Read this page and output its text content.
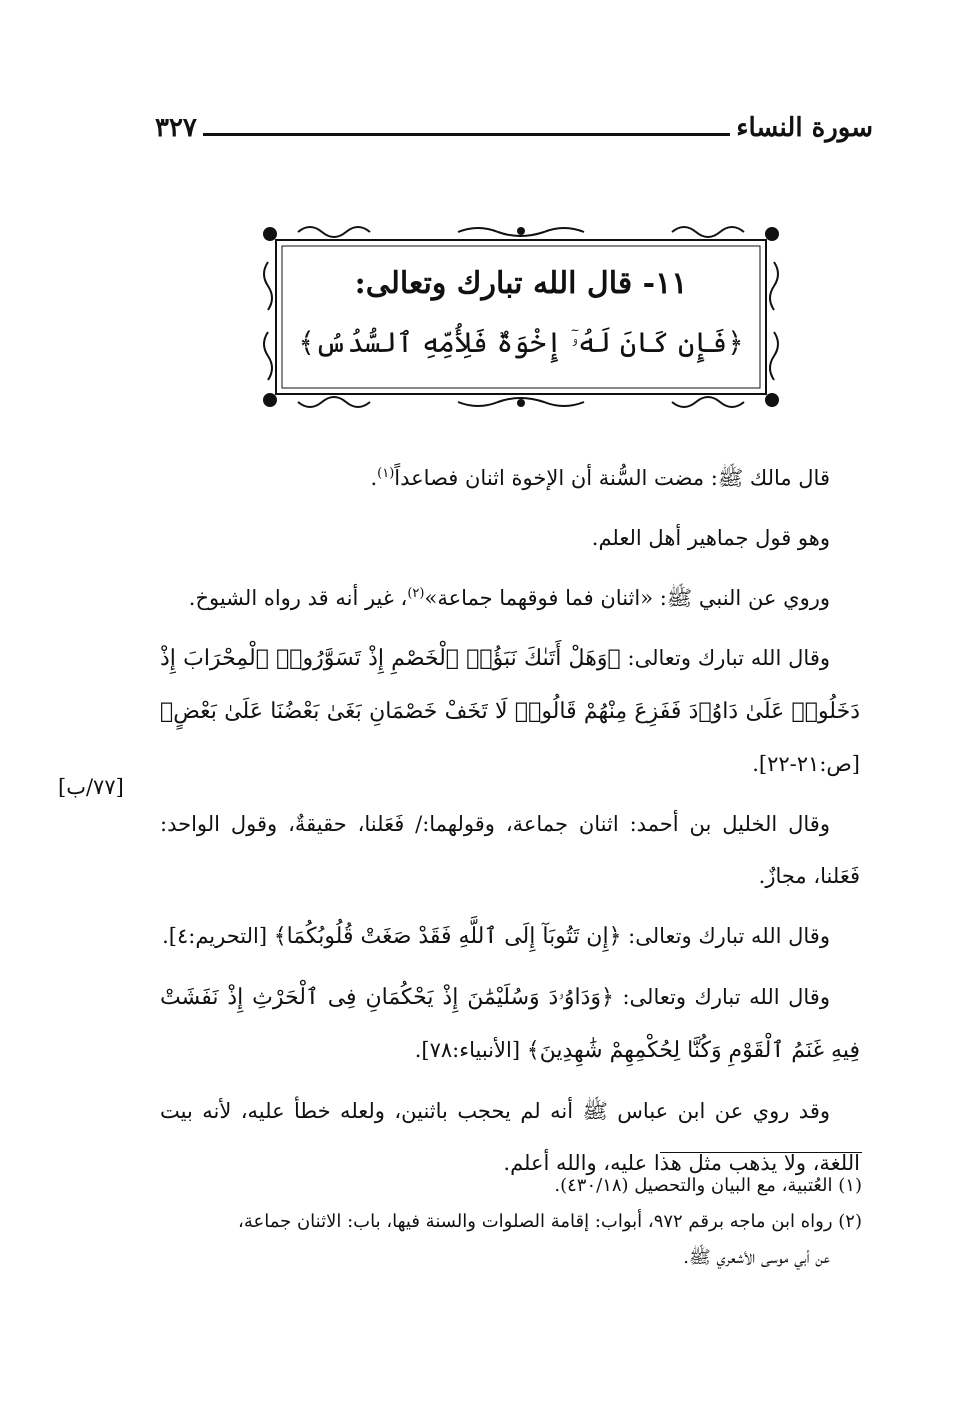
سورة النساء
٣٢٧
١١- قال الله تبارك وتعالى:
﴿فَإِن كَانَ لَهُۥٓ إِخْوَةٌ فَلِأُمِّهِ ٱلسُّدُسُ﴾

قال مالك ﷺ: مضت السُّنة أن الإخوة اثنان فصاعداً$^{(١)}$.

وهو قول جماهير أهل العلم.

وروي عن النبي ﷺ: «اثنان فما فوقهما جماعة»$^{(٢)}$، غير أنه قد رواه الشيوخ.

وقال الله تبارك وتعالى: ﴿وَهَلْ أَتَىٰكَ نَبَؤُا۟ ٱلْخَصْمِ إِذْ تَسَوَّرُوا۟ ٱلْمِحْرَابَ إِذْ دَخَلُوا۟ عَلَىٰ دَاوُۥدَ فَفَزِعَ مِنْهُمْ قَالُوا۟ لَا تَخَفْ خَصْمَانِ بَغَىٰ بَعْضُنَا عَلَىٰ بَعْضٍ﴾ [ص:٢١-٢٢].

وقال الخليل بن أحمد: اثنان جماعة، وقولهما:/ فَعَلنا، حقيقةٌ، وقول الواحد: فَعَلنا، مجازٌ.

وقال الله تبارك وتعالى: ﴿إِن تَتُوبَآ إِلَى ٱللَّهِ فَقَدْ صَغَتْ قُلُوبُكُمَا﴾ [التحريم:٤].

وقال الله تبارك وتعالى: ﴿وَدَاوُۥدَ وَسُلَيْمَٰنَ إِذْ يَحْكُمَانِ فِى ٱلْحَرْثِ إِذْ نَفَشَتْ فِيهِ غَنَمُ ٱلْقَوْمِ وَكُنَّا لِحُكْمِهِمْ شَٰهِدِينَ﴾ [الأنبياء:٧٨].

وقد روي عن ابن عباس ﷺ أنه لم يحجب باثنين، ولعله خطأ عليه، لأنه بيت اللغة، ولا يذهب مثل هذا عليه، والله أعلم.

[٧٧/ب]

(١) العُتبية، مع البيان والتحصيل (٤٣٠/١٨).

(٢) رواه ابن ماجه برقم ٩٧٢، أبواب: إقامة الصلوات والسنة فيها، باب: الاثنان جماعة،

عن أبي موسى الأشعري ﷺ.
